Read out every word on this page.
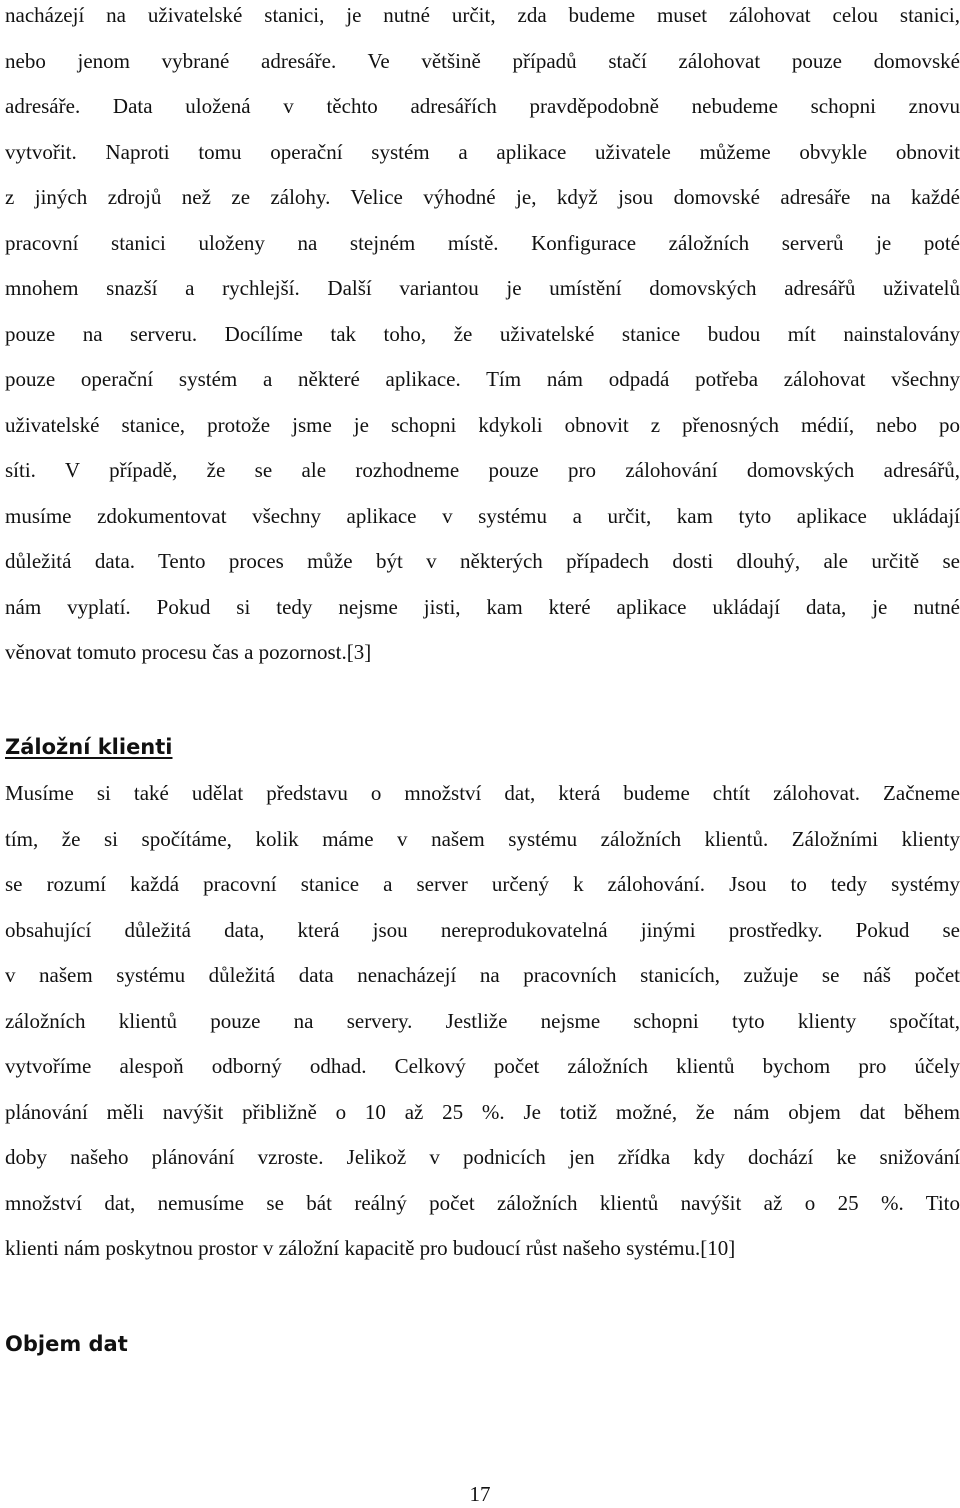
nacházejí na uživatelské stanici, je nutné určit, zda budeme muset zálohovat celou stanici,
nebo jenom vybrané adresáře. Ve většině případů stačí zálohovat pouze domovské
adresáře. Data uložená v těchto adresářích pravděpodobně nebudeme schopni znovu
vytvořit. Naproti tomu operační systém a aplikace uživatele můžeme obvykle obnovit
z jiných zdrojů než ze zálohy. Velice výhodné je, když jsou domovské adresáře na každé
pracovní stanici uloženy na stejném místě. Konfigurace záložních serverů je poté
mnohem snazší a rychlejší. Další variantou je umístění domovských adresářů uživatelů
pouze na serveru. Docílíme tak toho, že uživatelské stanice budou mít nainstalovány
pouze operační systém a některé aplikace. Tím nám odpadá potřeba zálohovat všechny
uživatelské stanice, protože jsme je schopni kdykoli obnovit z přenosných médií, nebo po
síti. V případě, že se ale rozhodneme pouze pro zálohování domovských adresářů,
musíme zdokumentovat všechny aplikace v systému a určit, kam tyto aplikace ukládají
důležitá data. Tento proces může být v některých případech dosti dlouhý, ale určitě se
nám vyplatí. Pokud si tedy nejsme jisti, kam které aplikace ukládají data, je nutné
věnovat tomuto procesu čas a pozornost.[3]
Záložní klienti
Musíme si také udělat představu o množství dat, která budeme chtít zálohovat. Začneme
tím, že si spočítáme, kolik máme v našem systému záložních klientů. Záložními klienty
se rozumí každá pracovní stanice a server určený k zálohování. Jsou to tedy systémy
obsahující důležitá data, která jsou nereprodukovatelná jinými prostředky. Pokud se
v našem systému důležitá data nenacházejí na pracovních stanicích, zužuje se náš počet
záložních klientů pouze na servery. Jestliže nejsme schopni tyto klienty spočítat,
vytvoříme alespoň odborný odhad. Celkový počet záložních klientů bychom pro účely
plánování měli navýšit přibližně o 10 až 25 %. Je totiž možné, že nám objem dat během
doby našeho plánování vzroste. Jelikož v podnicích jen zřídka kdy dochází ke snižování
množství dat, nemusíme se bát reálný počet záložních klientů navýšit až o 25 %. Tito
klienti nám poskytnou prostor v záložní kapacitě pro budoucí růst našeho systému.[10]
Objem dat
17
